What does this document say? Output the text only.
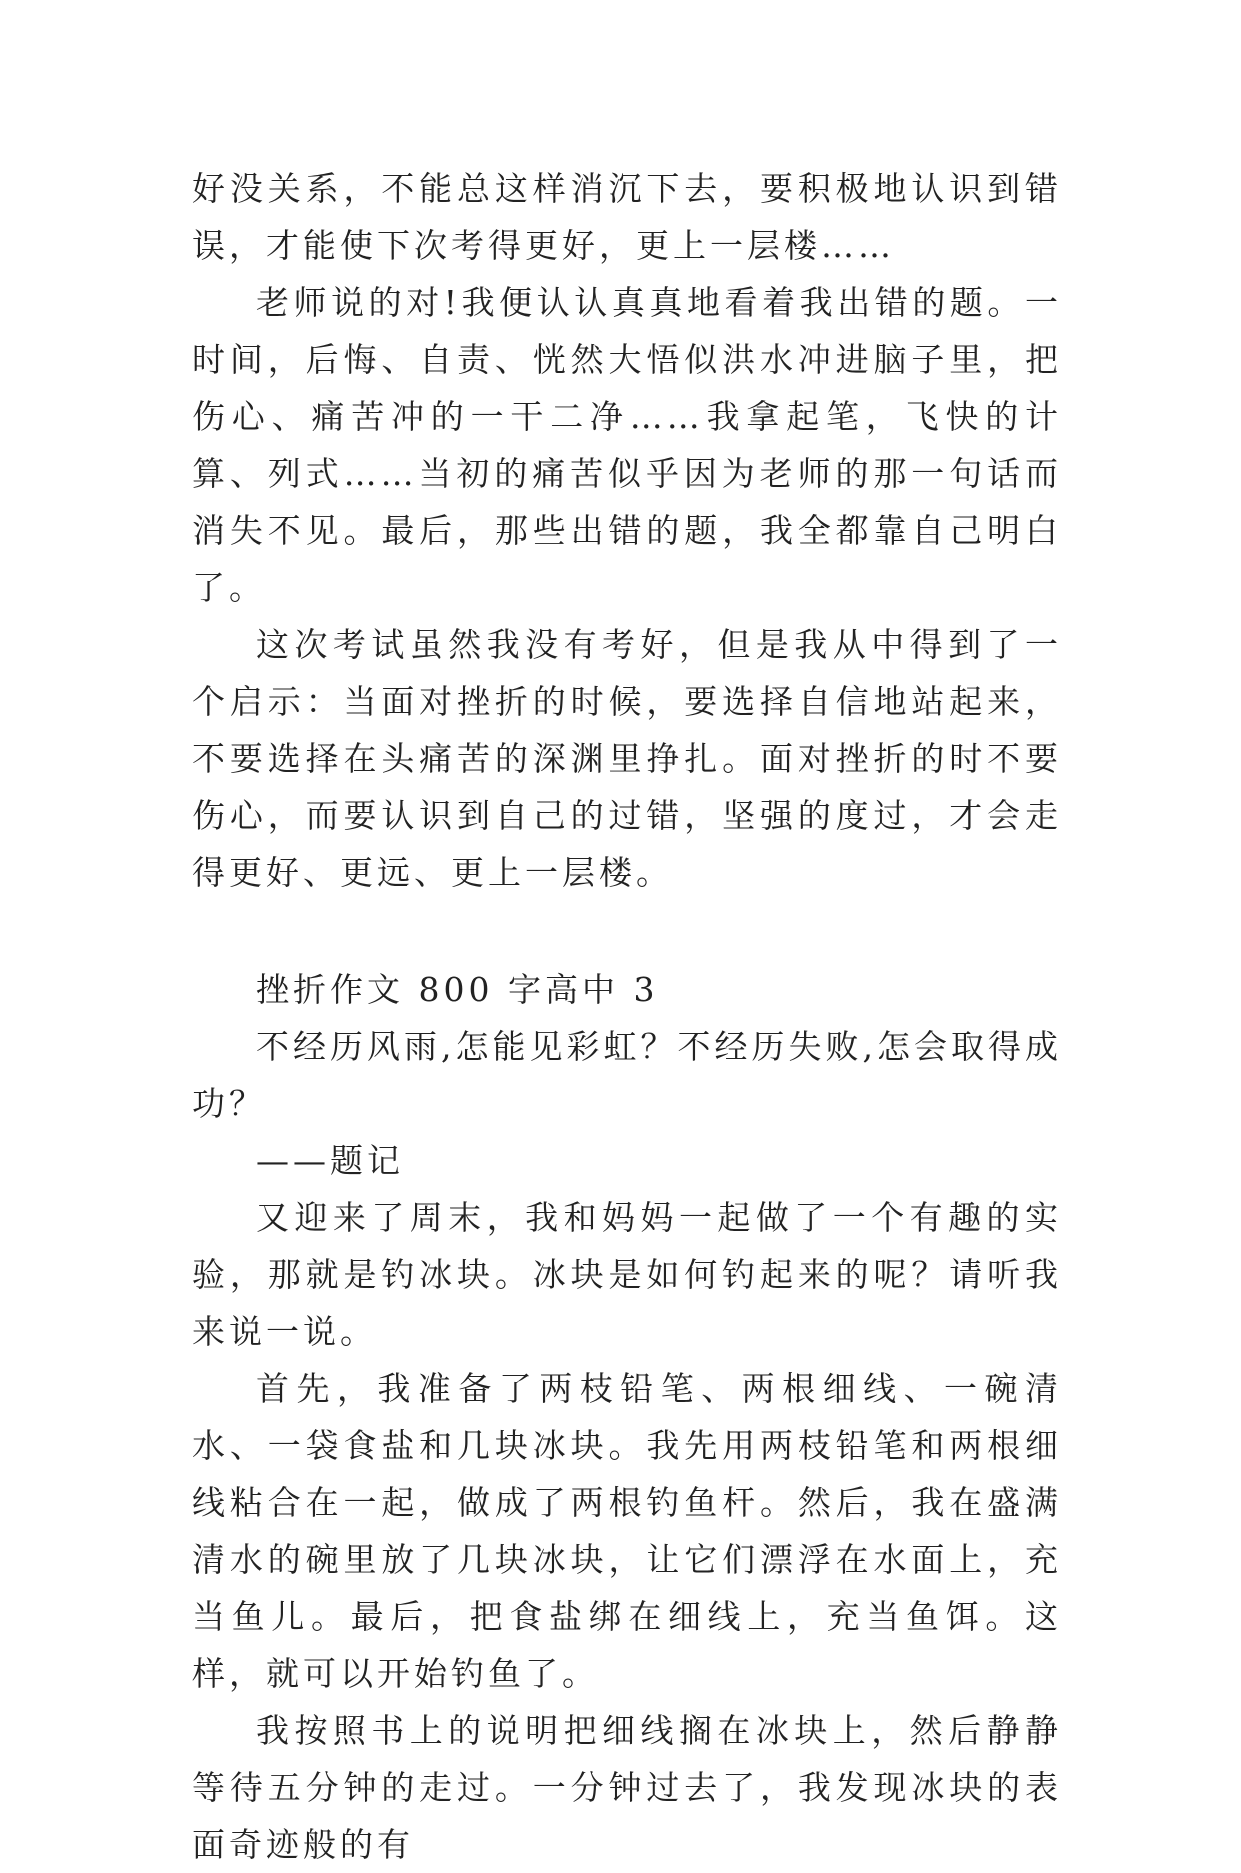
好没关系，不能总这样消沉下去，要积极地认识到错误，才能使下次考得更好，更上一层楼……

老师说的对!我便认认真真地看着我出错的题。一时间，后悔、自责、恍然大悟似洪水冲进脑子里，把伤心、痛苦冲的一干二净……我拿起笔，飞快的计算、列式……当初的痛苦似乎因为老师的那一句话而消失不见。最后，那些出错的题，我全都靠自己明白了。

这次考试虽然我没有考好，但是我从中得到了一个启示：当面对挫折的时候，要选择自信地站起来，不要选择在头痛苦的深渊里挣扎。面对挫折的时不要伤心，而要认识到自己的过错，坚强的度过，才会走得更好、更远、更上一层楼。

挫折作文 800 字高中 3

不经历风雨,怎能见彩虹？不经历失败,怎会取得成功？

——题记

又迎来了周末，我和妈妈一起做了一个有趣的实验，那就是钓冰块。冰块是如何钓起来的呢？请听我来说一说。

首先，我准备了两枝铅笔、两根细线、一碗清水、一袋食盐和几块冰块。我先用两枝铅笔和两根细线粘合在一起，做成了两根钓鱼杆。然后，我在盛满清水的碗里放了几块冰块，让它们漂浮在水面上，充当鱼儿。最后，把食盐绑在细线上，充当鱼饵。这样，就可以开始钓鱼了。

我按照书上的说明把细线搁在冰块上，然后静静等待五分钟的走过。一分钟过去了，我发现冰块的表面奇迹般的有
